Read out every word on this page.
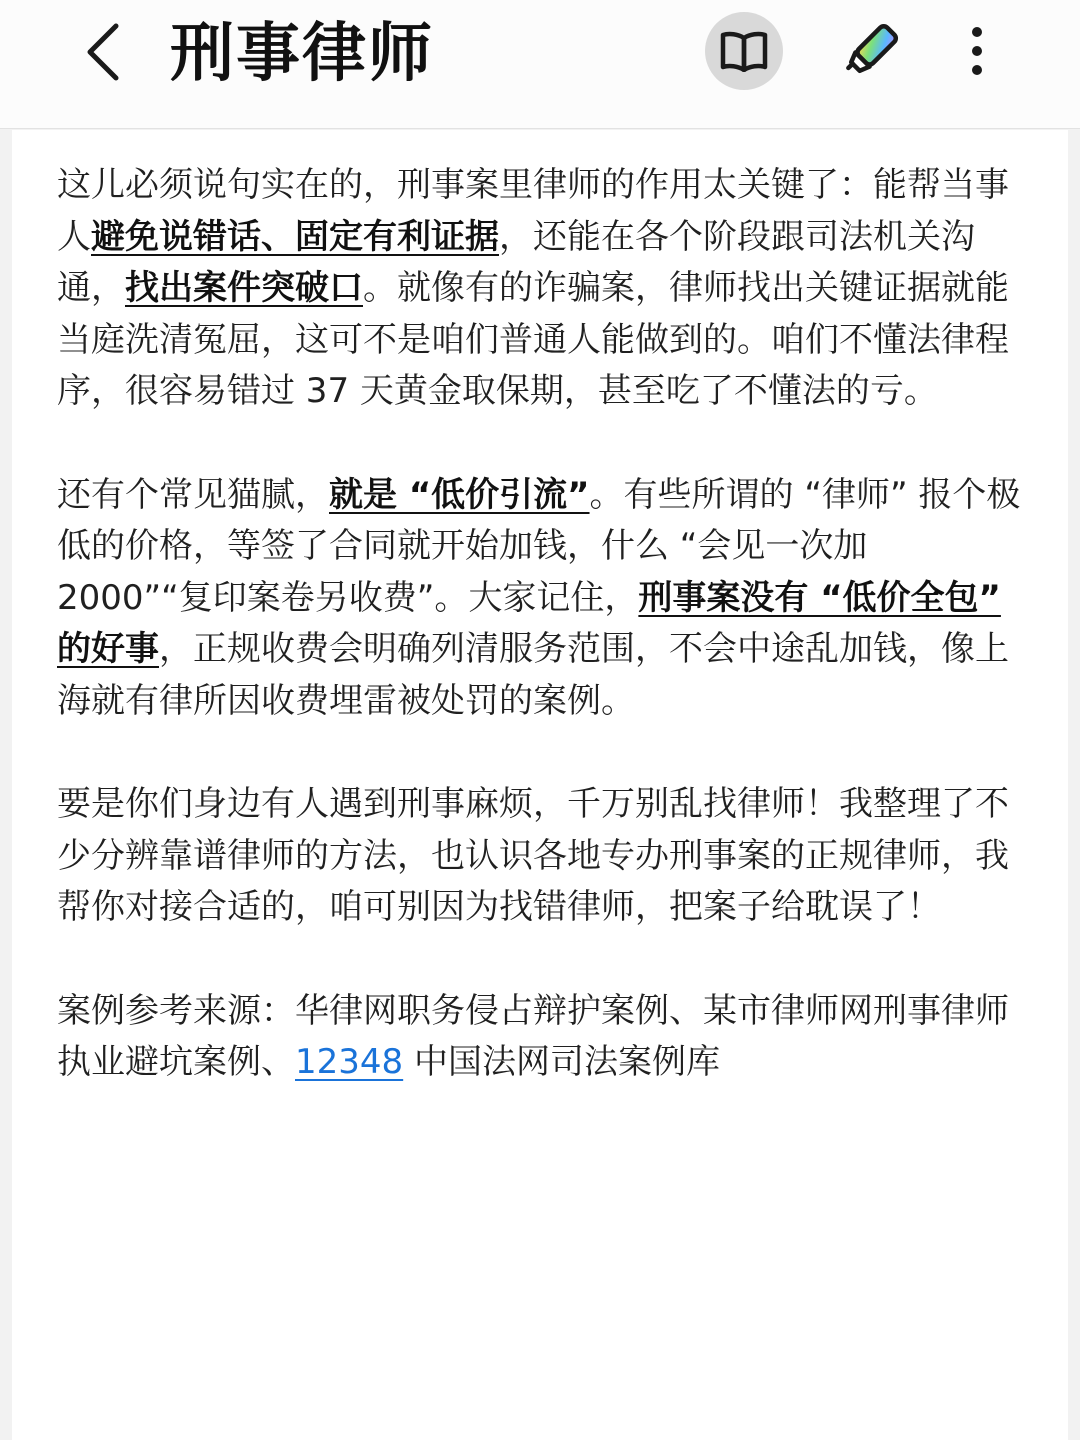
刑事律师

这儿必须说句实在的，刑事案里律师的作用太关键了：能帮当事人避免说错话、固定有利证据，还能在各个阶段跟司法机关沟通，找出案件突破口。就像有的诈骗案，律师找出关键证据就能当庭洗清冤屈，这可不是咱们普通人能做到的。咱们不懂法律程序，很容易错过 37 天黄金取保期，甚至吃了不懂法的亏。

还有个常见猫腻，就是 “低价引流”。有些所谓的 “律师” 报个极低的价格，等签了合同就开始加钱，什么 “会见一次加 2000”“复印案卷另收费”。大家记住，刑事案没有 “低价全包” 的好事，正规收费会明确列清服务范围，不会中途乱加钱，像上海就有律所因收费埋雷被处罚的案例。

要是你们身边有人遇到刑事麻烦，千万别乱找律师！我整理了不少分辨靠谱律师的方法，也认识各地专办刑事案的正规律师，我帮你对接合适的，咱可别因为找错律师，把案子给耽误了！

案例参考来源：华律网职务侵占辩护案例、某市律师网刑事律师执业避坑案例、12348 中国法网司法案例库
